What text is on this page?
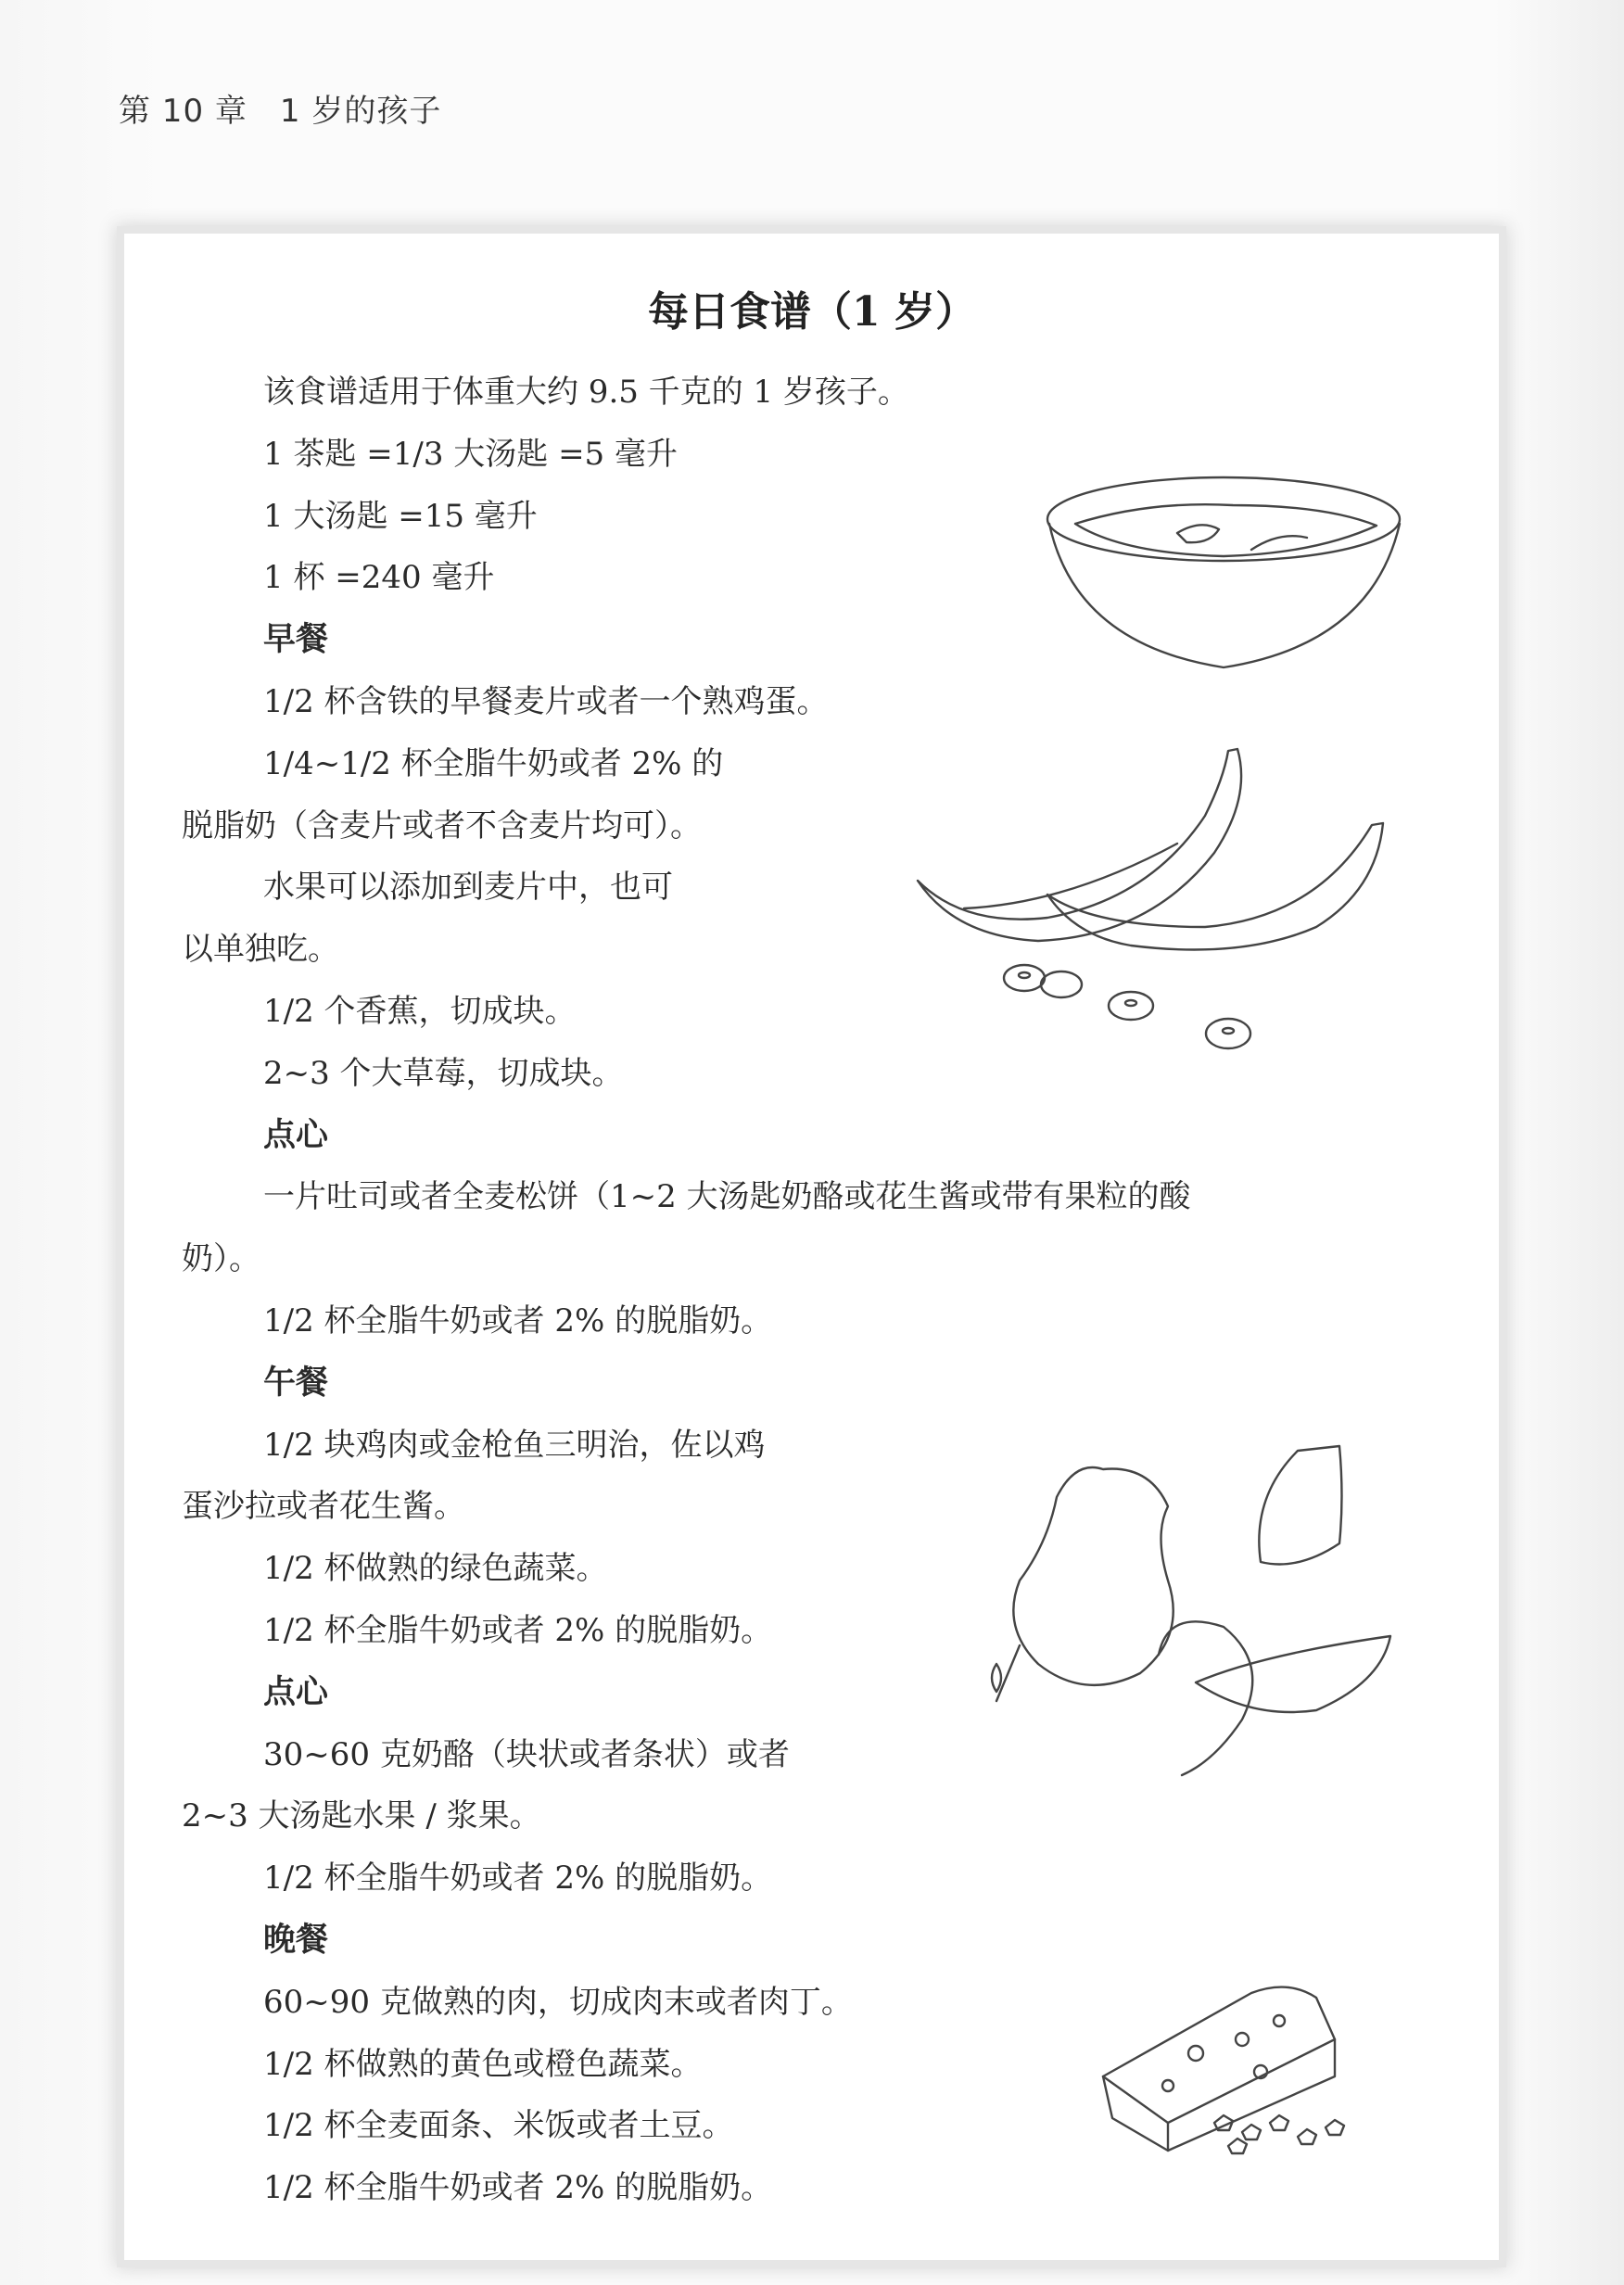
第 10 章　1 岁的孩子
每日食谱（1 岁）
该食谱适用于体重大约 9.5 千克的 1 岁孩子。
1 茶匙 =1/3 大汤匙 =5 毫升
1 大汤匙 =15 毫升
1 杯 =240 毫升
早餐
1/2 杯含铁的早餐麦片或者一个熟鸡蛋。
1/4~1/2 杯全脂牛奶或者 2% 的
脱脂奶（含麦片或者不含麦片均可）。
水果可以添加到麦片中，也可
以单独吃。
1/2 个香蕉，切成块。
2~3 个大草莓，切成块。
点心
一片吐司或者全麦松饼（1~2 大汤匙奶酪或花生酱或带有果粒的酸
奶）。
1/2 杯全脂牛奶或者 2% 的脱脂奶。
午餐
1/2 块鸡肉或金枪鱼三明治，佐以鸡
蛋沙拉或者花生酱。
1/2 杯做熟的绿色蔬菜。
1/2 杯全脂牛奶或者 2% 的脱脂奶。
点心
30~60 克奶酪（块状或者条状）或者
2~3 大汤匙水果 / 浆果。
1/2 杯全脂牛奶或者 2% 的脱脂奶。
晚餐
60~90 克做熟的肉，切成肉末或者肉丁。
1/2 杯做熟的黄色或橙色蔬菜。
1/2 杯全麦面条、米饭或者土豆。
1/2 杯全脂牛奶或者 2% 的脱脂奶。
